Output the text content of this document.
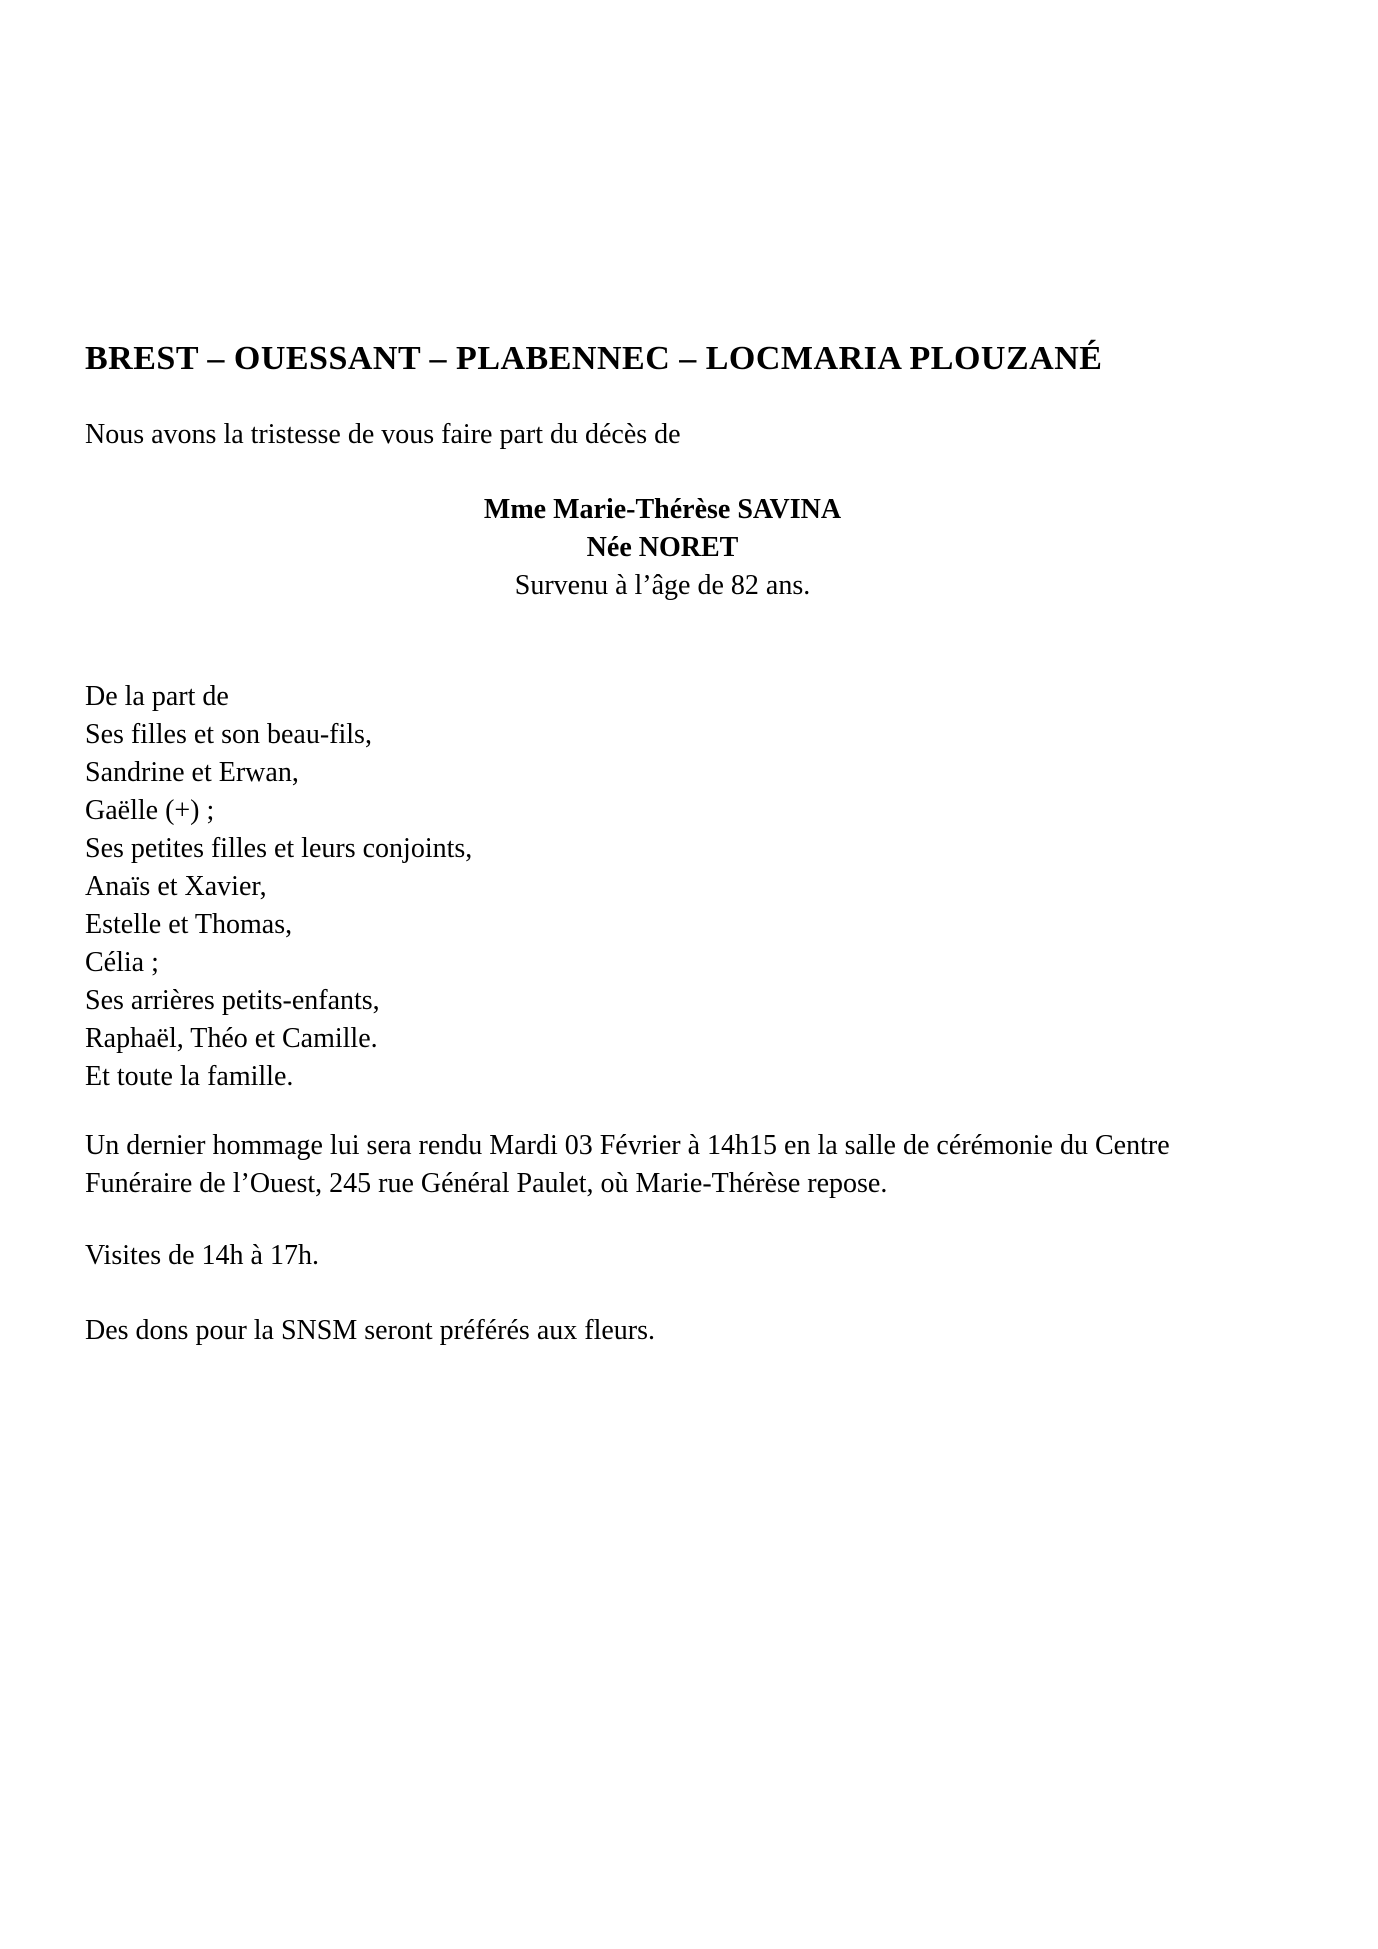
BREST – OUESSANT – PLABENNEC – LOCMARIA PLOUZANÉ
Nous avons la tristesse de vous faire part du décès de
Mme Marie-Thérèse SAVINA
Née NORET
Survenu à l’âge de 82 ans.
De la part de
Ses filles et son beau-fils,
Sandrine et Erwan,
Gaëlle (+) ;
Ses petites filles et leurs conjoints,
Anaïs et Xavier,
Estelle et Thomas,
Célia ;
Ses arrières petits-enfants,
Raphaël, Théo et Camille.
Et toute la famille.
Un dernier hommage lui sera rendu Mardi 03 Février à 14h15 en la salle de cérémonie du Centre Funéraire de l’Ouest, 245 rue Général Paulet, où Marie-Thérèse repose.
Visites de 14h à 17h.
Des dons pour la SNSM seront préférés aux fleurs.
